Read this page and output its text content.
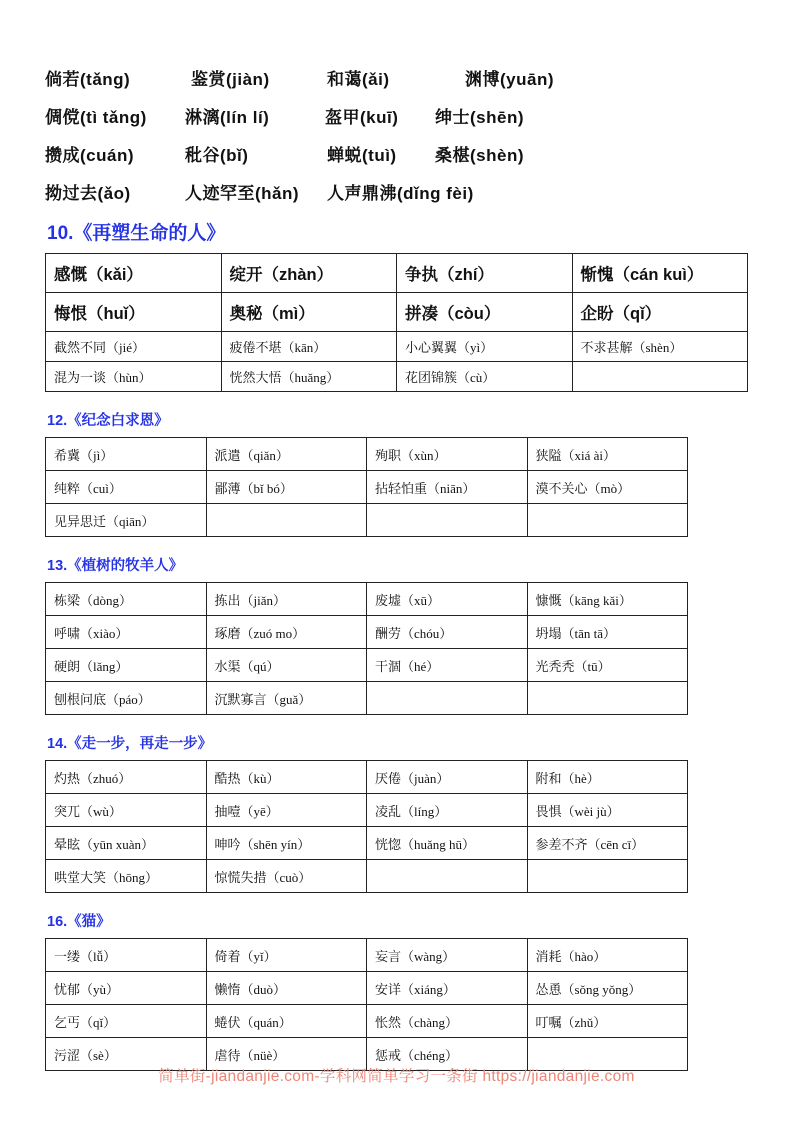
倘若(tǎng)	鉴赏(jiàn)	和蔼(ǎi)	渊博(yuān)
倜傥(tì tǎng)	淋漓(lín lí)	盔甲(kuī)	绅士(shēn)
攒成(cuán)	秕谷(bǐ)	蝉蜕(tuì)	桑椹(shèn)
拗过去(ǎo)	人迹罕至(hǎn)	人声鼎沸(dǐng fèi)
10.《再塑生命的人》
感慨（kǎi）	绽开（zhàn）	争执（zhí）	惭愧（cán kuì）
悔恨（huǐ）	奥秘（mì）	拼凑（còu）	企盼（qǐ）
截然不同（jié）	疲倦不堪（kān）	小心翼翼（yì）	不求甚解（shèn）
混为一谈（hùn）	恍然大悟（huǎng）	花团锦簇（cù）	
12.《纪念白求恩》
希冀（jì）	派遣（qiǎn）	殉职（xùn）	狭隘（xiá ài）
纯粹（cuì）	鄙薄（bǐ bó）	拈轻怕重（niān）	漠不关心（mò）
见异思迁（qiān）			
13.《植树的牧羊人》
栋梁（dòng）	拣出（jiǎn）	废墟（xū）	慷慨（kāng kǎi）
呼啸（xiào）	琢磨（zuó mo）	酬劳（chóu）	坍塌（tān tā）
硬朗（lǎng）	水渠（qú）	干涸（hé）	光秃秃（tū）
刨根问底（páo）	沉默寡言（guǎ）		
14.《走一步，再走一步》
灼热（zhuó）	酷热（kù）	厌倦（juàn）	附和（hè）
突兀（wù）	抽噎（yē）	凌乱（líng）	畏惧（wèi jù）
晕眩（yūn xuàn）	呻吟（shēn yín）	恍惚（huǎng hū）	参差不齐（cēn cī）
哄堂大笑（hōng）	惊慌失措（cuò）		
16.《猫》
一缕（lǚ）	倚着（yǐ）	妄言（wàng）	消耗（hào）
忧郁（yù）	懒惰（duò）	安详（xiáng）	怂恿（sǒng yǒng）
乞丐（qǐ）	蜷伏（quán）	怅然（chàng）	叮嘱（zhǔ）
污涩（sè）	虐待（nüè）	惩戒（chéng）	
简单街-jiandanjie.com-学科网简单学习一条街 https://jiandanjie.com
